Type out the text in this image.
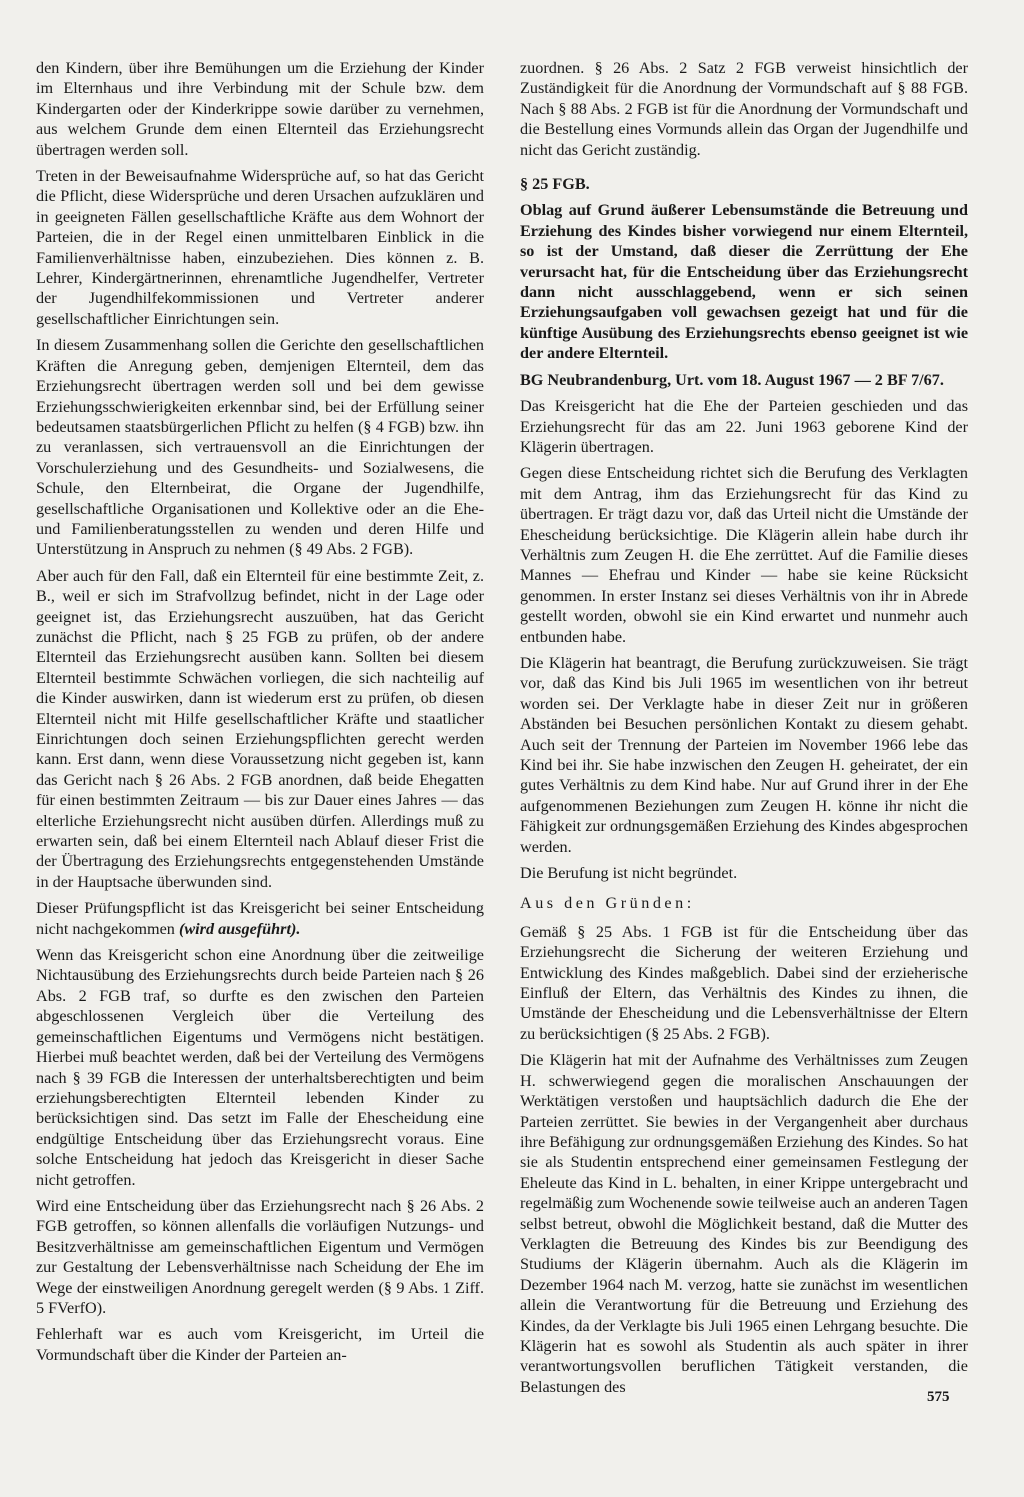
den Kindern, über ihre Bemühungen um die Erziehung der Kinder im Elternhaus und ihre Verbindung mit der Schule bzw. dem Kindergarten oder der Kinderkrippe sowie darüber zu vernehmen, aus welchem Grunde dem einen Elternteil das Erziehungsrecht übertragen werden soll.

Treten in der Beweisaufnahme Widersprüche auf, so hat das Gericht die Pflicht, diese Widersprüche und deren Ursachen aufzuklären und in geeigneten Fällen gesellschaftliche Kräfte aus dem Wohnort der Parteien, die in der Regel einen unmittelbaren Einblick in die Familienverhältnisse haben, einzubeziehen. Dies können z. B. Lehrer, Kindergärtnerinnen, ehrenamtliche Jugendhelfer, Vertreter der Jugendhilfekommissionen und Vertreter anderer gesellschaftlicher Einrichtungen sein.

In diesem Zusammenhang sollen die Gerichte den gesellschaftlichen Kräften die Anregung geben, demjenigen Elternteil, dem das Erziehungsrecht übertragen werden soll und bei dem gewisse Erziehungsschwierigkeiten erkennbar sind, bei der Erfüllung seiner bedeutsamen staatsbürgerlichen Pflicht zu helfen (§ 4 FGB) bzw. ihn zu veranlassen, sich vertrauensvoll an die Einrichtungen der Vorschulerziehung und des Gesundheits- und Sozialwesens, die Schule, den Elternbeirat, die Organe der Jugendhilfe, gesellschaftliche Organisationen und Kollektive oder an die Ehe- und Familienberatungsstellen zu wenden und deren Hilfe und Unterstützung in Anspruch zu nehmen (§ 49 Abs. 2 FGB).

Aber auch für den Fall, daß ein Elternteil für eine bestimmte Zeit, z. B., weil er sich im Strafvollzug befindet, nicht in der Lage oder geeignet ist, das Erziehungsrecht auszuüben, hat das Gericht zunächst die Pflicht, nach § 25 FGB zu prüfen, ob der andere Elternteil das Erziehungsrecht ausüben kann. Sollten bei diesem Elternteil bestimmte Schwächen vorliegen, die sich nachteilig auf die Kinder auswirken, dann ist wiederum erst zu prüfen, ob diesen Elternteil nicht mit Hilfe gesellschaftlicher Kräfte und staatlicher Einrichtungen doch seinen Erziehungspflichten gerecht werden kann. Erst dann, wenn diese Voraussetzung nicht gegeben ist, kann das Gericht nach § 26 Abs. 2 FGB anordnen, daß beide Ehegatten für einen bestimmten Zeitraum — bis zur Dauer eines Jahres — das elterliche Erziehungsrecht nicht ausüben dürfen. Allerdings muß zu erwarten sein, daß bei einem Elternteil nach Ablauf dieser Frist die der Übertragung des Erziehungsrechts entgegenstehenden Umstände in der Hauptsache überwunden sind.

Dieser Prüfungspflicht ist das Kreisgericht bei seiner Entscheidung nicht nachgekommen (wird ausgeführt).

Wenn das Kreisgericht schon eine Anordnung über die zeitweilige Nichtausübung des Erziehungsrechts durch beide Parteien nach § 26 Abs. 2 FGB traf, so durfte es den zwischen den Parteien abgeschlossenen Vergleich über die Verteilung des gemeinschaftlichen Eigentums und Vermögens nicht bestätigen. Hierbei muß beachtet werden, daß bei der Verteilung des Vermögens nach § 39 FGB die Interessen der unterhaltsberechtigten und beim erziehungsberechtigten Elternteil lebenden Kinder zu berücksichtigen sind. Das setzt im Falle der Ehescheidung eine endgültige Entscheidung über das Erziehungsrecht voraus. Eine solche Entscheidung hat jedoch das Kreisgericht in dieser Sache nicht getroffen.

Wird eine Entscheidung über das Erziehungsrecht nach § 26 Abs. 2 FGB getroffen, so können allenfalls die vorläufigen Nutzungs- und Besitzverhältnisse am gemeinschaftlichen Eigentum und Vermögen zur Gestaltung der Lebensverhältnisse nach Scheidung der Ehe im Wege der einstweiligen Anordnung geregelt werden (§ 9 Abs. 1 Ziff. 5 FVerfO).

Fehlerhaft war es auch vom Kreisgericht, im Urteil die Vormundschaft über die Kinder der Parteien an-

zuordnen. § 26 Abs. 2 Satz 2 FGB verweist hinsichtlich der Zuständigkeit für die Anordnung der Vormundschaft auf § 88 FGB. Nach § 88 Abs. 2 FGB ist für die Anordnung der Vormundschaft und die Bestellung eines Vormunds allein das Organ der Jugendhilfe und nicht das Gericht zuständig.

§ 25 FGB.

Oblag auf Grund äußerer Lebensumstände die Betreuung und Erziehung des Kindes bisher vorwiegend nur einem Elternteil, so ist der Umstand, daß dieser die Zerrüttung der Ehe verursacht hat, für die Entscheidung über das Erziehungsrecht dann nicht ausschlaggebend, wenn er sich seinen Erziehungsaufgaben voll gewachsen gezeigt hat und für die künftige Ausübung des Erziehungsrechts ebenso geeignet ist wie der andere Elternteil.

BG Neubrandenburg, Urt. vom 18. August 1967 — 2 BF 7/67.

Das Kreisgericht hat die Ehe der Parteien geschieden und das Erziehungsrecht für das am 22. Juni 1963 geborene Kind der Klägerin übertragen.

Gegen diese Entscheidung richtet sich die Berufung des Verklagten mit dem Antrag, ihm das Erziehungsrecht für das Kind zu übertragen. Er trägt dazu vor, daß das Urteil nicht die Umstände der Ehescheidung berücksichtige. Die Klägerin allein habe durch ihr Verhältnis zum Zeugen H. die Ehe zerrüttet. Auf die Familie dieses Mannes — Ehefrau und Kinder — habe sie keine Rücksicht genommen. In erster Instanz sei dieses Verhältnis von ihr in Abrede gestellt worden, obwohl sie ein Kind erwartet und nunmehr auch entbunden habe.

Die Klägerin hat beantragt, die Berufung zurückzuweisen. Sie trägt vor, daß das Kind bis Juli 1965 im wesentlichen von ihr betreut worden sei. Der Verklagte habe in dieser Zeit nur in größeren Abständen bei Besuchen persönlichen Kontakt zu diesem gehabt. Auch seit der Trennung der Parteien im November 1966 lebe das Kind bei ihr. Sie habe inzwischen den Zeugen H. geheiratet, der ein gutes Verhältnis zu dem Kind habe. Nur auf Grund ihrer in der Ehe aufgenommenen Beziehungen zum Zeugen H. könne ihr nicht die Fähigkeit zur ordnungsgemäßen Erziehung des Kindes abgesprochen werden.

Die Berufung ist nicht begründet.

Aus den Gründen:

Gemäß § 25 Abs. 1 FGB ist für die Entscheidung über das Erziehungsrecht die Sicherung der weiteren Erziehung und Entwicklung des Kindes maßgeblich. Dabei sind der erzieherische Einfluß der Eltern, das Verhältnis des Kindes zu ihnen, die Umstände der Ehescheidung und die Lebensverhältnisse der Eltern zu berücksichtigen (§ 25 Abs. 2 FGB).

Die Klägerin hat mit der Aufnahme des Verhältnisses zum Zeugen H. schwerwiegend gegen die moralischen Anschauungen der Werktätigen verstoßen und hauptsächlich dadurch die Ehe der Parteien zerrüttet. Sie bewies in der Vergangenheit aber durchaus ihre Befähigung zur ordnungsgemäßen Erziehung des Kindes. So hat sie als Studentin entsprechend einer gemeinsamen Festlegung der Eheleute das Kind in L. behalten, in einer Krippe untergebracht und regelmäßig zum Wochenende sowie teilweise auch an anderen Tagen selbst betreut, obwohl die Möglichkeit bestand, daß die Mutter des Verklagten die Betreuung des Kindes bis zur Beendigung des Studiums der Klägerin übernahm. Auch als die Klägerin im Dezember 1964 nach M. verzog, hatte sie zunächst im wesentlichen allein die Verantwortung für die Betreuung und Erziehung des Kindes, da der Verklagte bis Juli 1965 einen Lehrgang besuchte. Die Klägerin hat es sowohl als Studentin als auch später in ihrer verantwortungsvollen beruflichen Tätigkeit verstanden, die Belastungen des

575
